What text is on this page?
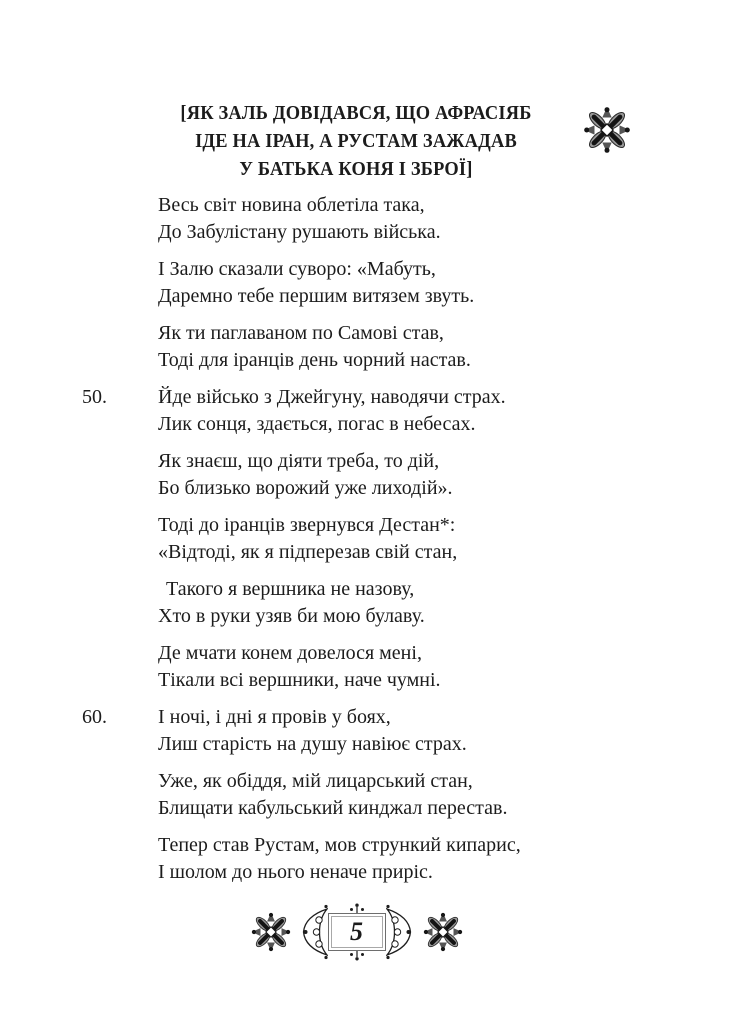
[ЯК ЗАЛЬ ДОВІДАВСЯ, ЩО АФРАСІЯБ
ІДЕ НА ІРАН, А РУСТАМ ЗАЖАДАВ
У БАТЬКА КОНЯ І ЗБРОЇ]
Весь світ новина облетіла така,
До Забулістану рушають війська.
І Залю сказали суворо: «Мабуть,
Даремно тебе першим витязем звуть.
Як ти паглаваном по Самові став,
Тоді для іранців день чорний настав.
50.	Йде військо з Джейгуну, наводячи страх.
Лик сонця, здається, погас в небесах.
Як знаєш, що діяти треба, то дій,
Бо близько ворожий уже лиходій».
Тоді до іранців звернувся Дестан*:
«Відтоді, як я підперезав свій стан,
Такого я вершника не назову,
Хто в руки узяв би мою булаву.
Де мчати конем довелося мені,
Тікали всі вершники, наче чумні.
60.	І ночі, і дні я провів у боях,
Лиш старість на душу навіює страх.
Уже, як обіддя, мій лицарський стан,
Блищати кабульський кинджал перестав.
Тепер став Рустам, мов стрункий кипарис,
І шолом до нього неначе приріс.
5
